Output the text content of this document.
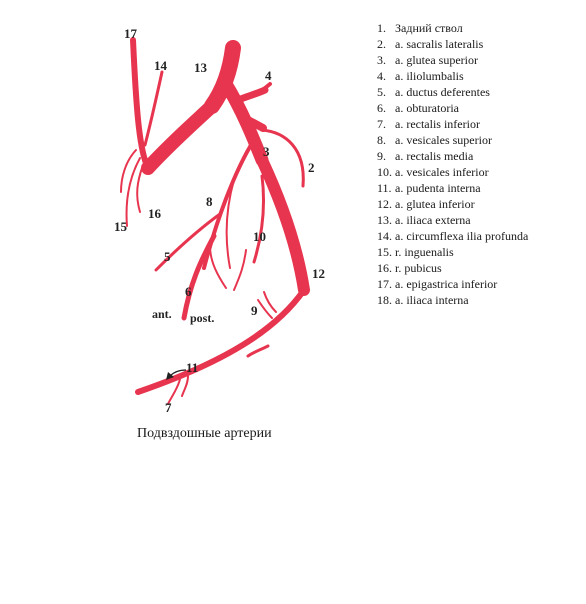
17
14 13
4
3
2
8
16
15
10
5
12
6
9
ant. post.
11
7
1. Задний ствол
2. a. sacralis lateralis
3. a. glutea superior
4. a. iliolumbalis
5. a. ductus deferentes
6. a. obturatoria
7. a. rectalis inferior
8. a. vesicales superior
9. a. rectalis media
10. a. vesicales inferior
11. a. pudenta interna
12. a. glutea inferior
13. a. iliaca externa
14. a. circumflexa ilia profunda
15. r. inguenalis
16. r. pubicus
17. a. epigastrica inferior
18. a. iliaca interna
Подвздошные артерии
